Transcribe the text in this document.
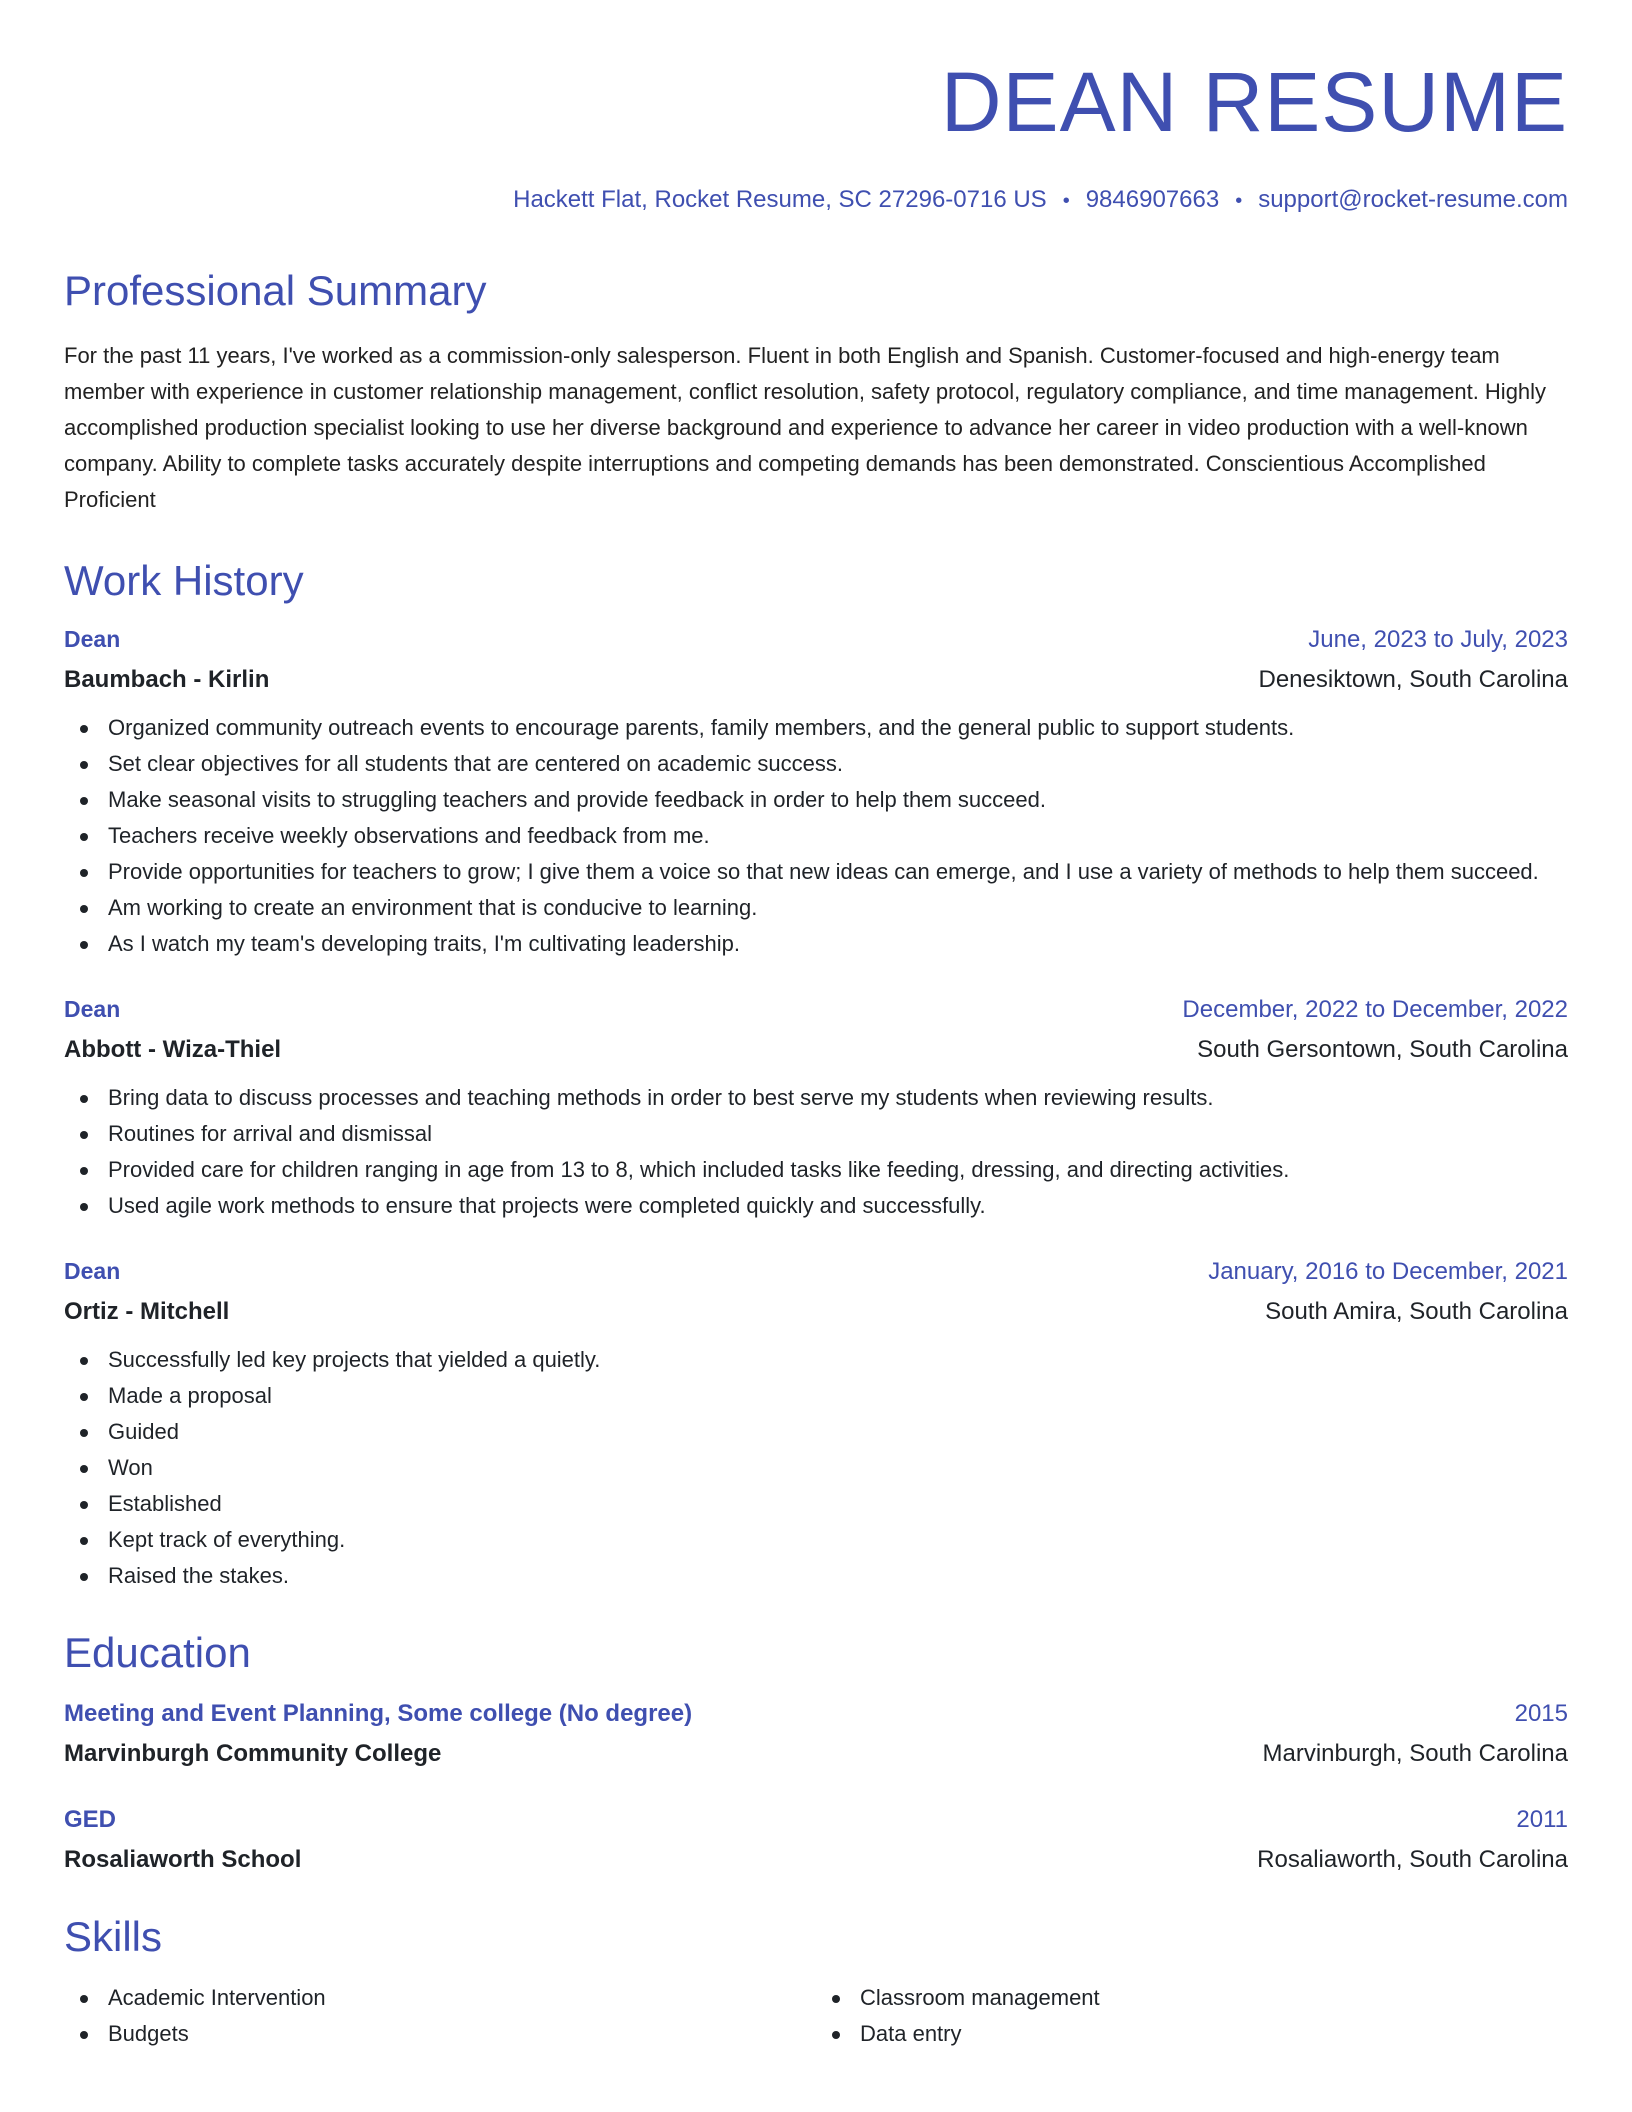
DEAN RESUME
Hackett Flat, Rocket Resume, SC 27296-0716 US • 9846907663 • support@rocket-resume.com
Professional Summary

For the past 11 years, I've worked as a commission-only salesperson. Fluent in both English and Spanish. Customer-focused and high-energy team member with experience in customer relationship management, conflict resolution, safety protocol, regulatory compliance, and time management. Highly accomplished production specialist looking to use her diverse background and experience to advance her career in video production with a well-known company. Ability to complete tasks accurately despite interruptions and competing demands has been demonstrated. Conscientious Accomplished Proficient

Work History
Dean	June, 2023 to July, 2023
Baumbach - Kirlin	Denesiktown, South Carolina
Organized community outreach events to encourage parents, family members, and the general public to support students.
Set clear objectives for all students that are centered on academic success.
Make seasonal visits to struggling teachers and provide feedback in order to help them succeed.
Teachers receive weekly observations and feedback from me.
Provide opportunities for teachers to grow; I give them a voice so that new ideas can emerge, and I use a variety of methods to help them succeed.
Am working to create an environment that is conducive to learning.
As I watch my team's developing traits, I'm cultivating leadership.
Dean	December, 2022 to December, 2022
Abbott - Wiza-Thiel	South Gersontown, South Carolina
Bring data to discuss processes and teaching methods in order to best serve my students when reviewing results.
Routines for arrival and dismissal
Provided care for children ranging in age from 13 to 8, which included tasks like feeding, dressing, and directing activities.
Used agile work methods to ensure that projects were completed quickly and successfully.
Dean	January, 2016 to December, 2021
Ortiz - Mitchell	South Amira, South Carolina
Successfully led key projects that yielded a quietly.
Made a proposal
Guided
Won
Established
Kept track of everything.
Raised the stakes.
Education
Meeting and Event Planning, Some college (No degree)	2015
Marvinburgh Community College	Marvinburgh, South Carolina
GED	2011
Rosaliaworth School	Rosaliaworth, South Carolina
Skills
Academic Intervention
Budgets
Classroom management
Data entry
